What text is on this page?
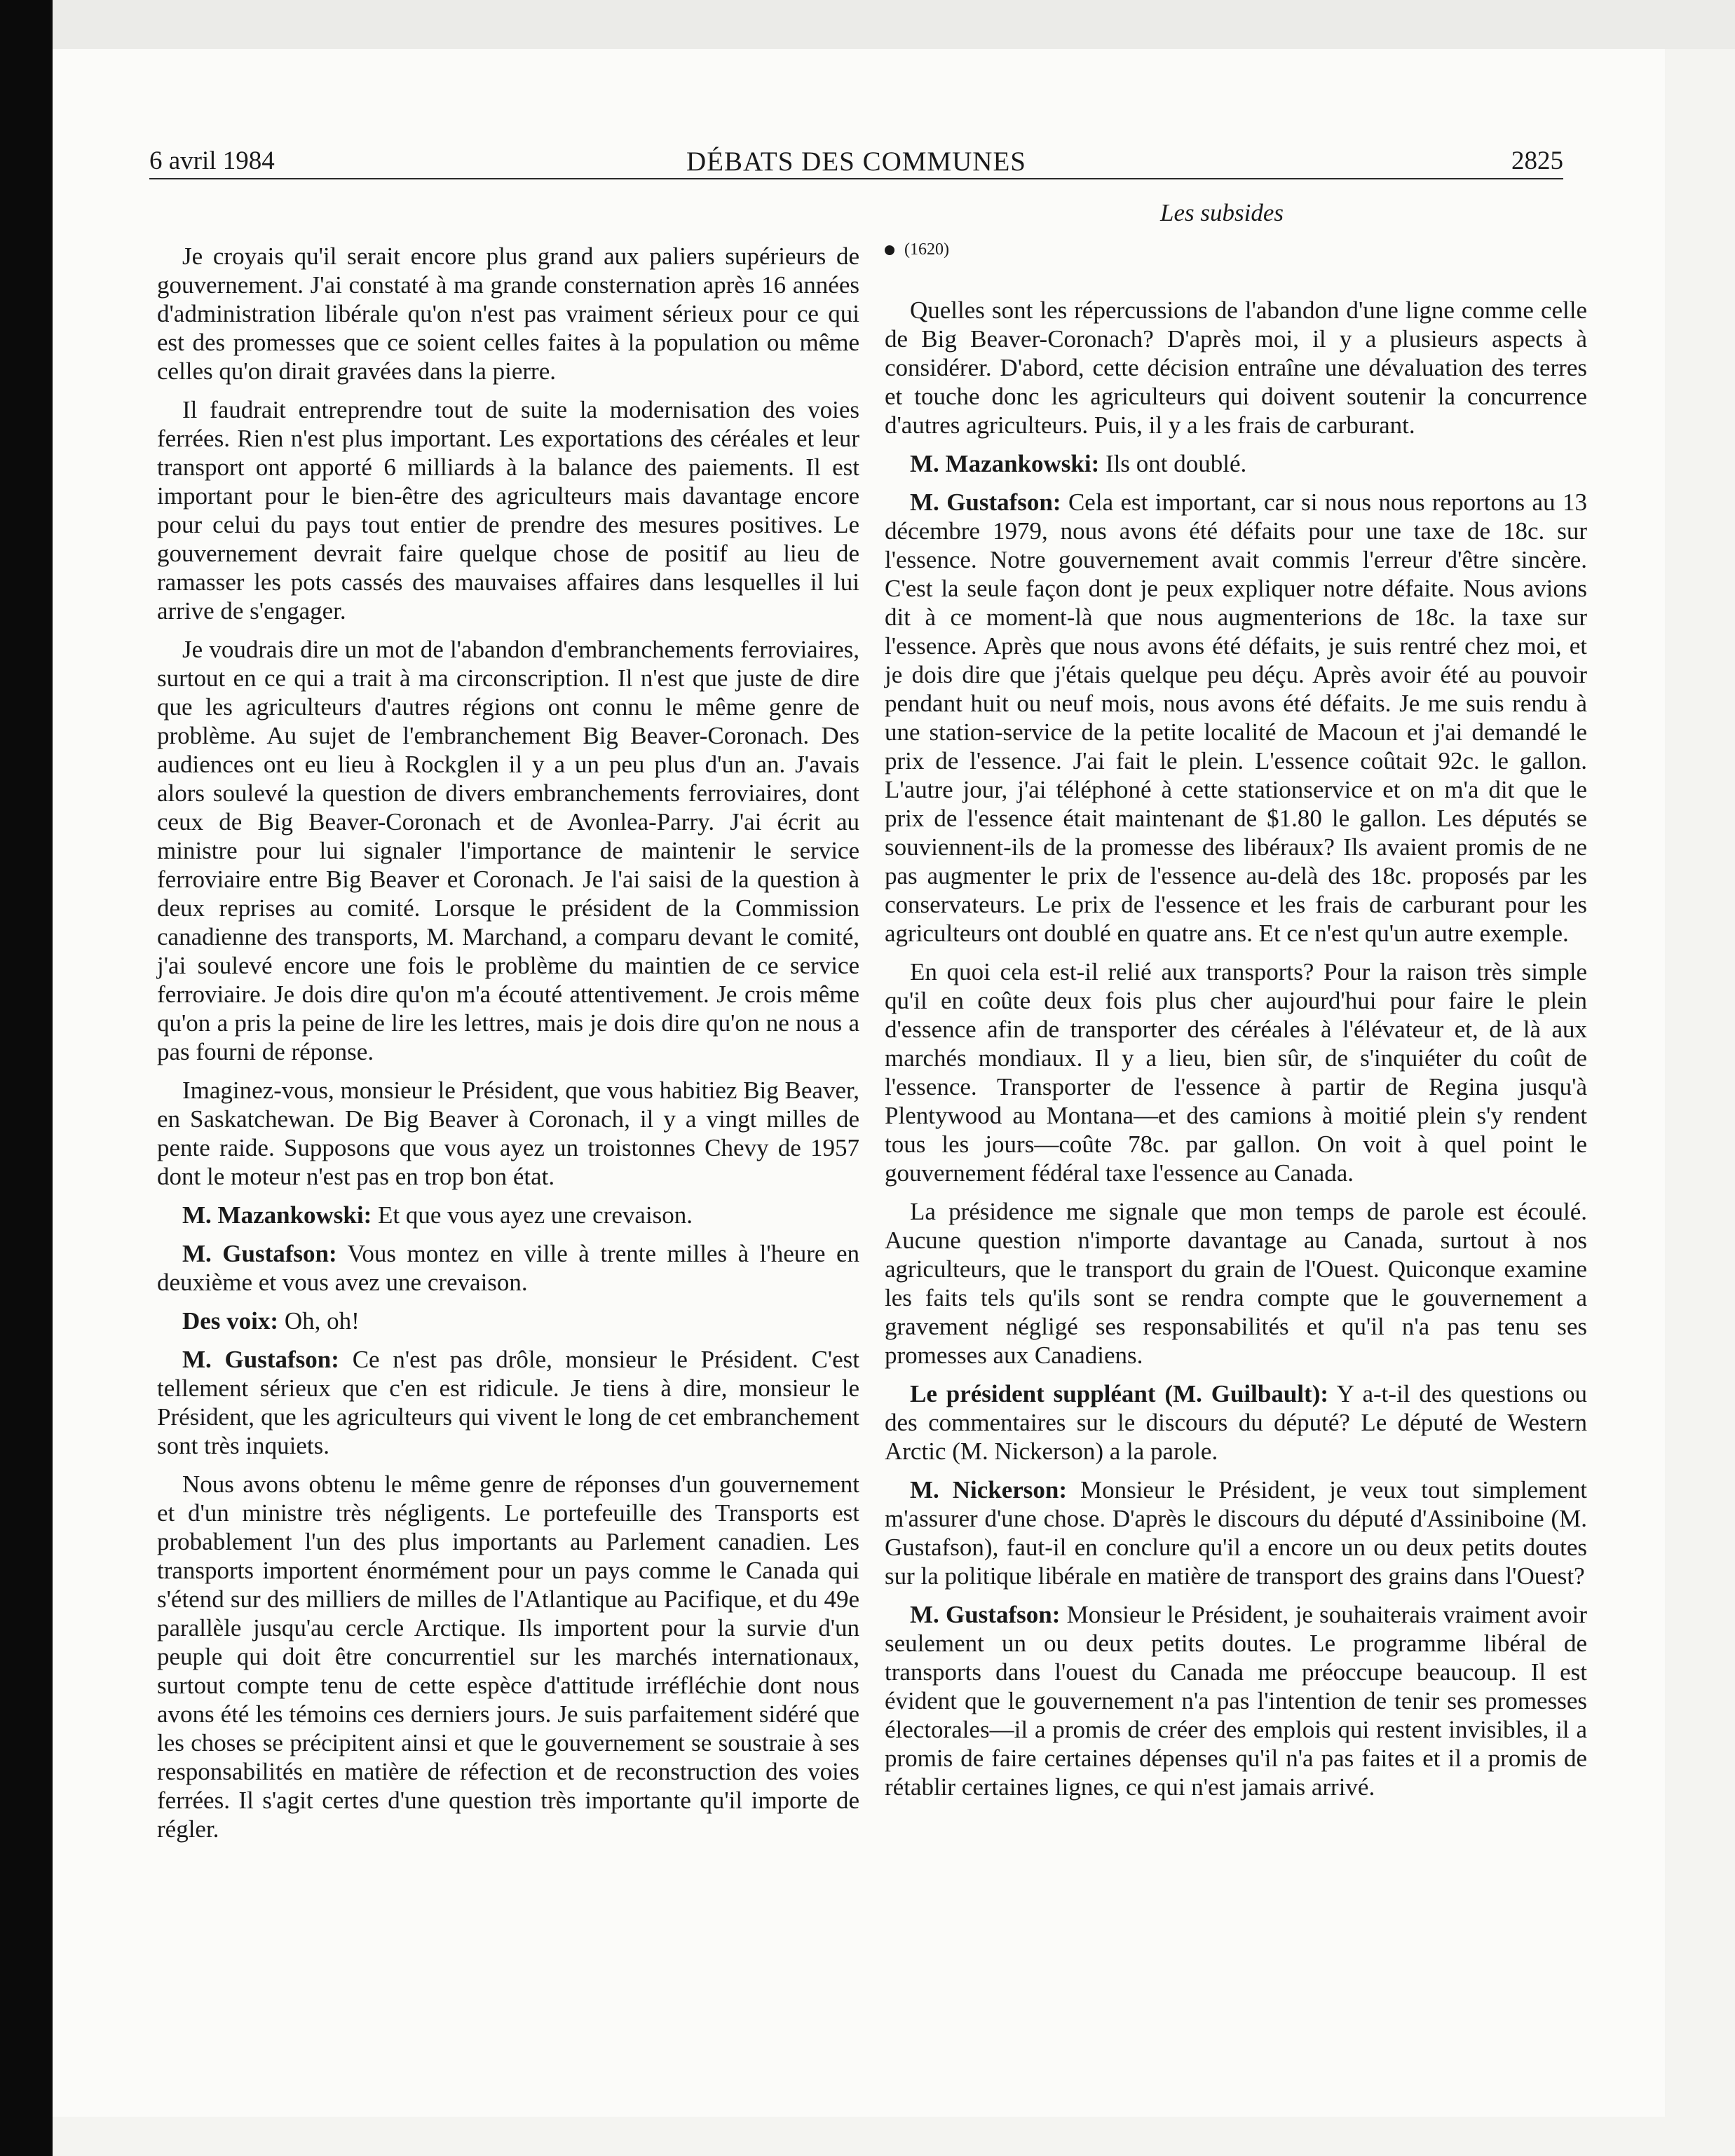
6 avril 1984	DÉBATS DES COMMUNES	2825
Les subsides
(1620)

Je croyais qu'il serait encore plus grand aux paliers supérieurs de gouvernement. J'ai constaté à ma grande consternation après 16 années d'administration libérale qu'on n'est pas vraiment sérieux pour ce qui est des promesses que ce soient celles faites à la population ou même celles qu'on dirait gravées dans la pierre.

Il faudrait entreprendre tout de suite la modernisation des voies ferrées. Rien n'est plus important. Les exportations des céréales et leur transport ont apporté 6 milliards à la balance des paiements. Il est important pour le bien-être des agriculteurs mais davantage encore pour celui du pays tout entier de prendre des mesures positives. Le gouvernement devrait faire quelque chose de positif au lieu de ramasser les pots cassés des mauvaises affaires dans lesquelles il lui arrive de s'engager.

Je voudrais dire un mot de l'abandon d'embranchements ferroviaires, surtout en ce qui a trait à ma circonscription. Il n'est que juste de dire que les agriculteurs d'autres régions ont connu le même genre de problème. Au sujet de l'embranchement Big Beaver-Coronach. Des audiences ont eu lieu à Rockglen il y a un peu plus d'un an. J'avais alors soulevé la question de divers embranchements ferroviaires, dont ceux de Big Beaver-Coronach et de Avonlea-Parry. J'ai écrit au ministre pour lui signaler l'importance de maintenir le service ferroviaire entre Big Beaver et Coronach. Je l'ai saisi de la question à deux reprises au comité. Lorsque le président de la Commission canadienne des transports, M. Marchand, a comparu devant le comité, j'ai soulevé encore une fois le problème du maintien de ce service ferroviaire. Je dois dire qu'on m'a écouté attentivement. Je crois même qu'on a pris la peine de lire les lettres, mais je dois dire qu'on ne nous a pas fourni de réponse.

Imaginez-vous, monsieur le Président, que vous habitiez Big Beaver, en Saskatchewan. De Big Beaver à Coronach, il y a vingt milles de pente raide. Supposons que vous ayez un troistonnes Chevy de 1957 dont le moteur n'est pas en trop bon état.

M. Mazankowski: Et que vous ayez une crevaison.

M. Gustafson: Vous montez en ville à trente milles à l'heure en deuxième et vous avez une crevaison.

Des voix: Oh, oh!

M. Gustafson: Ce n'est pas drôle, monsieur le Président. C'est tellement sérieux que c'en est ridicule. Je tiens à dire, monsieur le Président, que les agriculteurs qui vivent le long de cet embranchement sont très inquiets.

Nous avons obtenu le même genre de réponses d'un gouvernement et d'un ministre très négligents. Le portefeuille des Transports est probablement l'un des plus importants au Parlement canadien. Les transports importent énormément pour un pays comme le Canada qui s'étend sur des milliers de milles de l'Atlantique au Pacifique, et du 49e parallèle jusqu'au cercle Arctique. Ils importent pour la survie d'un peuple qui doit être concurrentiel sur les marchés internationaux, surtout compte tenu de cette espèce d'attitude irréfléchie dont nous avons été les témoins ces derniers jours. Je suis parfaitement sidéré que les choses se précipitent ainsi et que le gouvernement se soustraie à ses responsabilités en matière de réfection et de reconstruction des voies ferrées. Il s'agit certes d'une question très importante qu'il importe de régler.

Quelles sont les répercussions de l'abandon d'une ligne comme celle de Big Beaver-Coronach? D'après moi, il y a plusieurs aspects à considérer. D'abord, cette décision entraîne une dévaluation des terres et touche donc les agriculteurs qui doivent soutenir la concurrence d'autres agriculteurs. Puis, il y a les frais de carburant.

M. Mazankowski: Ils ont doublé.

M. Gustafson: Cela est important, car si nous nous reportons au 13 décembre 1979, nous avons été défaits pour une taxe de 18c. sur l'essence. Notre gouvernement avait commis l'erreur d'être sincère. C'est la seule façon dont je peux expliquer notre défaite. Nous avions dit à ce moment-là que nous augmenterions de 18c. la taxe sur l'essence. Après que nous avons été défaits, je suis rentré chez moi, et je dois dire que j'étais quelque peu déçu. Après avoir été au pouvoir pendant huit ou neuf mois, nous avons été défaits. Je me suis rendu à une station-service de la petite localité de Macoun et j'ai demandé le prix de l'essence. J'ai fait le plein. L'essence coûtait 92c. le gallon. L'autre jour, j'ai téléphoné à cette stationservice et on m'a dit que le prix de l'essence était maintenant de $1.80 le gallon. Les députés se souviennent-ils de la promesse des libéraux? Ils avaient promis de ne pas augmenter le prix de l'essence au-delà des 18c. proposés par les conservateurs. Le prix de l'essence et les frais de carburant pour les agriculteurs ont doublé en quatre ans. Et ce n'est qu'un autre exemple.

En quoi cela est-il relié aux transports? Pour la raison très simple qu'il en coûte deux fois plus cher aujourd'hui pour faire le plein d'essence afin de transporter des céréales à l'élévateur et, de là aux marchés mondiaux. Il y a lieu, bien sûr, de s'inquiéter du coût de l'essence. Transporter de l'essence à partir de Regina jusqu'à Plentywood au Montana—et des camions à moitié plein s'y rendent tous les jours—coûte 78c. par gallon. On voit à quel point le gouvernement fédéral taxe l'essence au Canada.

La présidence me signale que mon temps de parole est écoulé. Aucune question n'importe davantage au Canada, surtout à nos agriculteurs, que le transport du grain de l'Ouest. Quiconque examine les faits tels qu'ils sont se rendra compte que le gouvernement a gravement négligé ses responsabilités et qu'il n'a pas tenu ses promesses aux Canadiens.

Le président suppléant (M. Guilbault): Y a-t-il des questions ou des commentaires sur le discours du député? Le député de Western Arctic (M. Nickerson) a la parole.

M. Nickerson: Monsieur le Président, je veux tout simplement m'assurer d'une chose. D'après le discours du député d'Assiniboine (M. Gustafson), faut-il en conclure qu'il a encore un ou deux petits doutes sur la politique libérale en matière de transport des grains dans l'Ouest?

M. Gustafson: Monsieur le Président, je souhaiterais vraiment avoir seulement un ou deux petits doutes. Le programme libéral de transports dans l'ouest du Canada me préoccupe beaucoup. Il est évident que le gouvernement n'a pas l'intention de tenir ses promesses électorales—il a promis de créer des emplois qui restent invisibles, il a promis de faire certaines dépenses qu'il n'a pas faites et il a promis de rétablir certaines lignes, ce qui n'est jamais arrivé.
